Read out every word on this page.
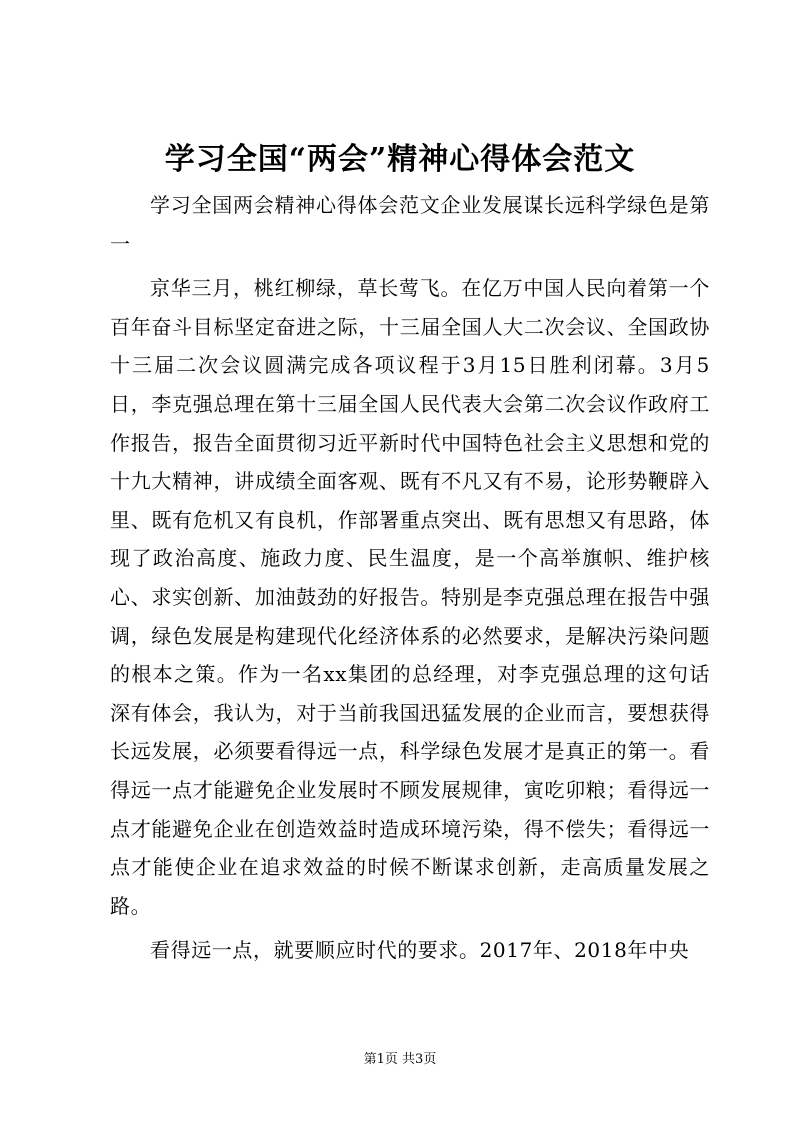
学习全国“两会”精神心得体会范文

学习全国两会精神心得体会范文企业发展谋长远科学绿色是第一

京华三月，桃红柳绿，草长莺飞。在亿万中国人民向着第一个百年奋斗目标坚定奋进之际，十三届全国人大二次会议、全国政协十三届二次会议圆满完成各项议程于3月15日胜利闭幕。3月5日，李克强总理在第十三届全国人民代表大会第二次会议作政府工作报告，报告全面贯彻习近平新时代中国特色社会主义思想和党的十九大精神，讲成绩全面客观、既有不凡又有不易，论形势鞭辟入里、既有危机又有良机，作部署重点突出、既有思想又有思路，体现了政治高度、施政力度、民生温度，是一个高举旗帜、维护核心、求实创新、加油鼓劲的好报告。特别是李克强总理在报告中强调，绿色发展是构建现代化经济体系的必然要求，是解决污染问题的根本之策。作为一名xx集团的总经理，对李克强总理的这句话深有体会，我认为，对于当前我国迅猛发展的企业而言，要想获得长远发展，必须要看得远一点，科学绿色发展才是真正的第一。看得远一点才能避免企业发展时不顾发展规律，寅吃卯粮；看得远一点才能避免企业在创造效益时造成环境污染，得不偿失；看得远一点才能使企业在追求效益的时候不断谋求创新，走高质量发展之路。

看得远一点，就要顺应时代的要求。2017年、2018年中央

第1页 共3页
